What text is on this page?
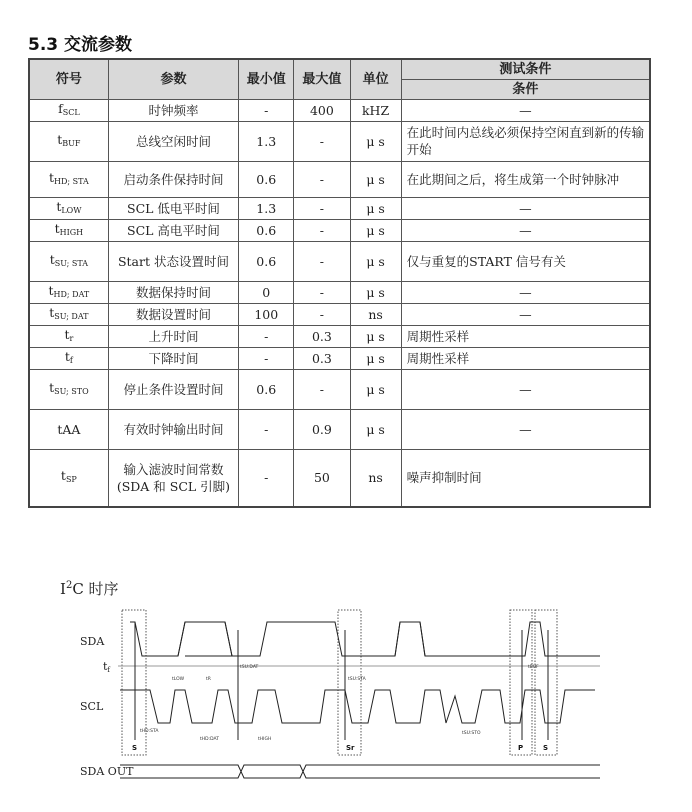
5.3 交流参数
符号	参数	最小值	最大值	单位	测试条件
					条件
$f_{SCL}$	时钟频率	-	400	kHZ	—
$t_{BUF}$	总线空闲时间	1.3	-	μ s	在此时间内总线必须保持空闲直到新的传输开始
$t_{HD; STA}$	启动条件保持时间	0.6	-	μ s	在此期间之后，将生成第一个时钟脉冲
$t_{LOW}$	SCL 低电平时间	1.3	-	μ s	—
$t_{HIGH}$	SCL 高电平时间	0.6	-	μ s	—
$t_{SU; STA}$	Start 状态设置时间	0.6	-	μ s	仅与重复的START 信号有关
$t_{HD; DAT}$	数据保持时间	0	-	μ s	—
$t_{SU; DAT}$	数据设置时间	100	-	ns	—
$t_r$	上升时间	-	0.3	μ s	周期性采样
$t_f$	下降时间	-	0.3	μ s	周期性采样
$t_{SU; STO}$	停止条件设置时间	0.6	-	μ s	—
tAA	有效时钟输出时间	-	0.9	μ s	—
$t_{SP}$	输入滤波时间常数(SDA 和 SCL 引脚)	-	50	ns	噪声抑制时间
$I^2C$ 时序
SDA
tf
SCL
SDA OUT
tLOW	tR
tSU:DAT
tHD:STA
tHD:DAT	tHIGH
tSU:STA
tSU:STO
tBUF
S	Sr	P	S
